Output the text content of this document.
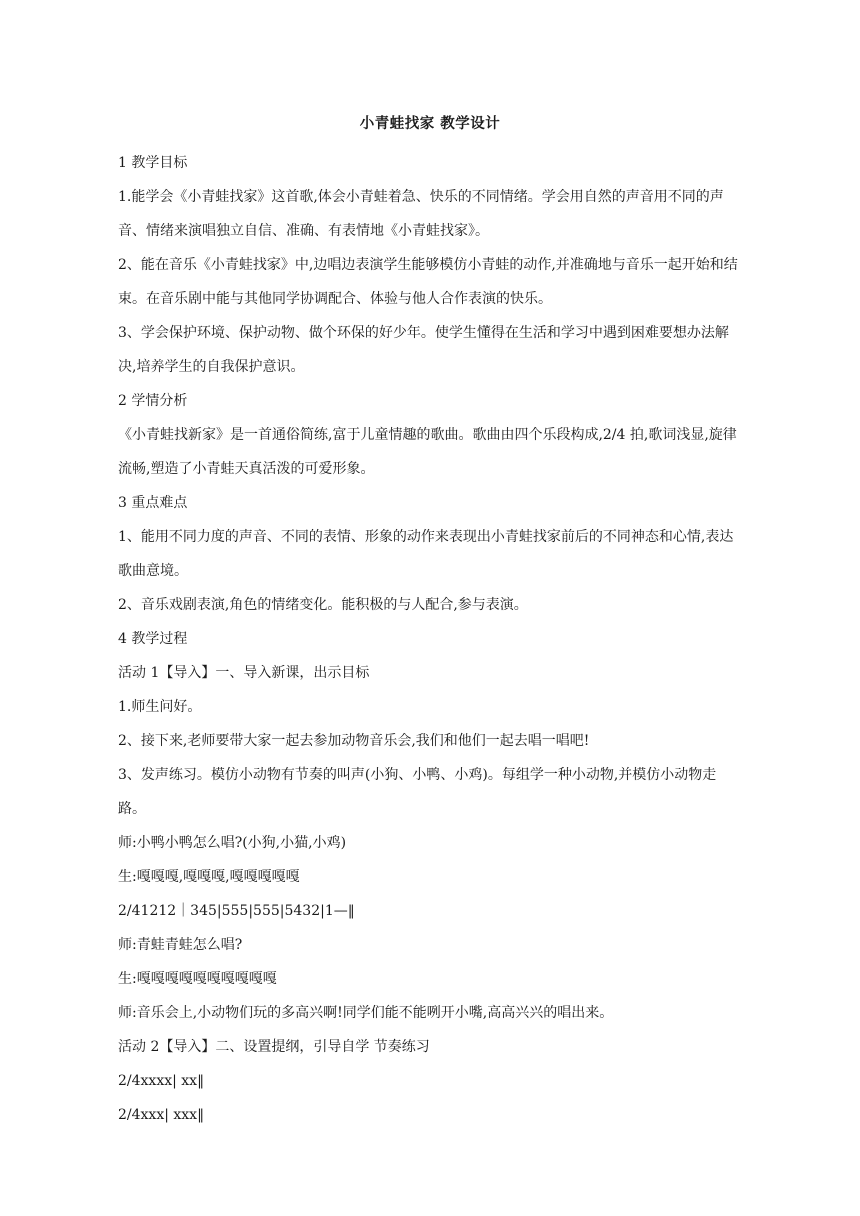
小青蛙找家 教学设计

1 教学目标

1.能学会《小青蛙找家》这首歌,体会小青蛙着急、快乐的不同情绪。学会用自然的声音用不同的声音、情绪来演唱独立自信、准确、有表情地《小青蛙找家》。

2、能在音乐《小青蛙找家》中,边唱边表演学生能够模仿小青蛙的动作,并准确地与音乐一起开始和结束。在音乐剧中能与其他同学协调配合、体验与他人合作表演的快乐。

3、学会保护环境、保护动物、做个环保的好少年。使学生懂得在生活和学习中遇到困难要想办法解决,培养学生的自我保护意识。

2 学情分析

《小青蛙找新家》是一首通俗简练,富于儿童情趣的歌曲。歌曲由四个乐段构成,2/4 拍,歌词浅显,旋律流畅,塑造了小青蛙天真活泼的可爱形象。

3 重点难点

1、能用不同力度的声音、不同的表情、形象的动作来表现出小青蛙找家前后的不同神态和心情,表达歌曲意境。

2、音乐戏剧表演,角色的情绪变化。能积极的与人配合,参与表演。

4 教学过程

活动 1【导入】一、导入新课，出示目标

1.师生问好。

2、接下来,老师要带大家一起去参加动物音乐会,我们和他们一起去唱一唱吧!

3、发声练习。模仿小动物有节奏的叫声(小狗、小鸭、小鸡)。每组学一种小动物,并模仿小动物走路。

师:小鸭小鸭怎么唱?(小狗,小猫,小鸡)

生:嘎嘎嘎,嘎嘎嘎,嘎嘎嘎嘎嘎

2/41212｜345|555|555|5432|1—‖

师:青蛙青蛙怎么唱?

生:嘎嘎嘎嘎嘎嘎嘎嘎嘎嘎

师:音乐会上,小动物们玩的多高兴啊!同学们能不能咧开小嘴,高高兴兴的唱出来。

活动 2【导入】二、设置提纲，引导自学 节奏练习

2/4xxxx| xx‖

2/4xxx| xxx‖
